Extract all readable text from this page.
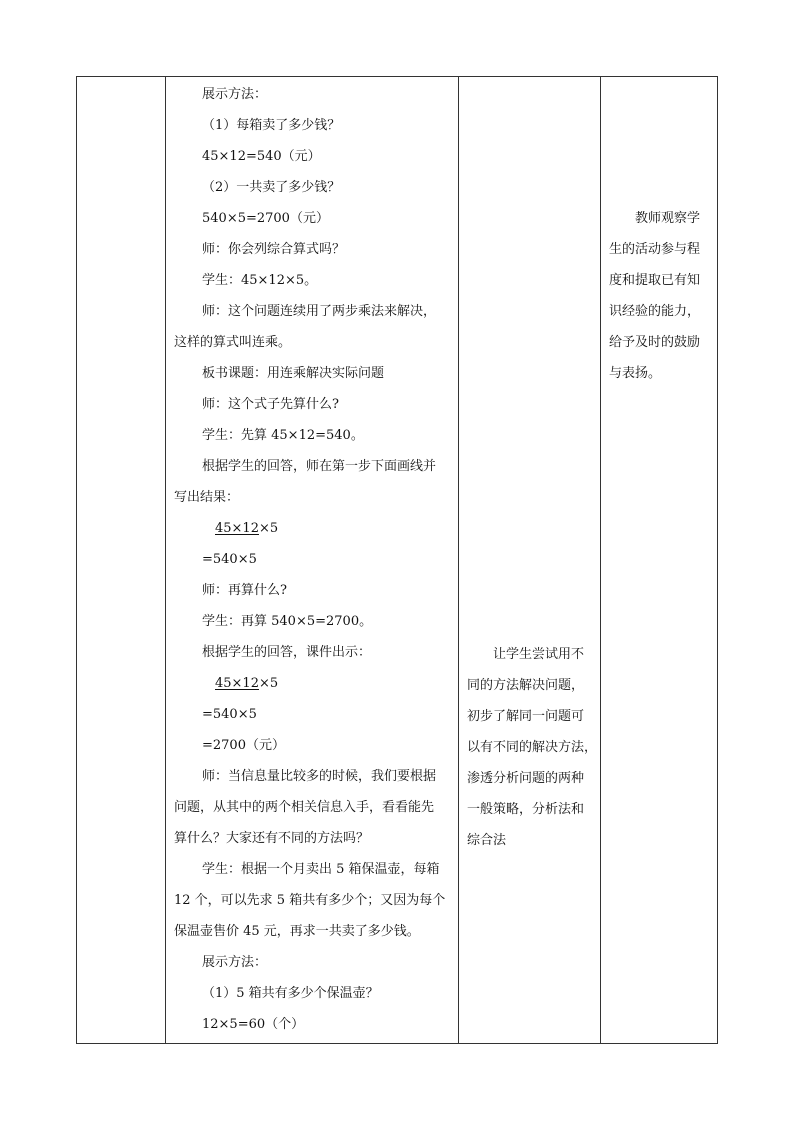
展示方法：
（1）每箱卖了多少钱？
45×12=540（元）
（2）一共卖了多少钱？
540×5=2700（元）
师：你会列综合算式吗？
学生：45×12×5。
师：这个问题连续用了两步乘法来解决，
这样的算式叫连乘。
板书课题：用连乘解决实际问题
师：这个式子先算什么?
学生：先算 45×12=540。
根据学生的回答，师在第一步下面画线并
写出结果：
45×12×5
=540×5
师：再算什么?
学生：再算 540×5=2700。
根据学生的回答，课件出示：
45×12×5
=540×5
=2700（元）
师：当信息量比较多的时候，我们要根据
问题，从其中的两个相关信息入手，看看能先
算什么？大家还有不同的方法吗？
学生：根据一个月卖出 5 箱保温壶，每箱
12 个，可以先求 5 箱共有多少个；又因为每个
保温壶售价 45 元，再求一共卖了多少钱。
展示方法：
（1）5 箱共有多少个保温壶？
12×5=60（个）
让学生尝试用不
同的方法解决问题，
初步了解同一问题可
以有不同的解决方法，
渗透分析问题的两种
一般策略，分析法和
综合法
教师观察学
生的活动参与程
度和提取已有知
识经验的能力，
给予及时的鼓励
与表扬。
